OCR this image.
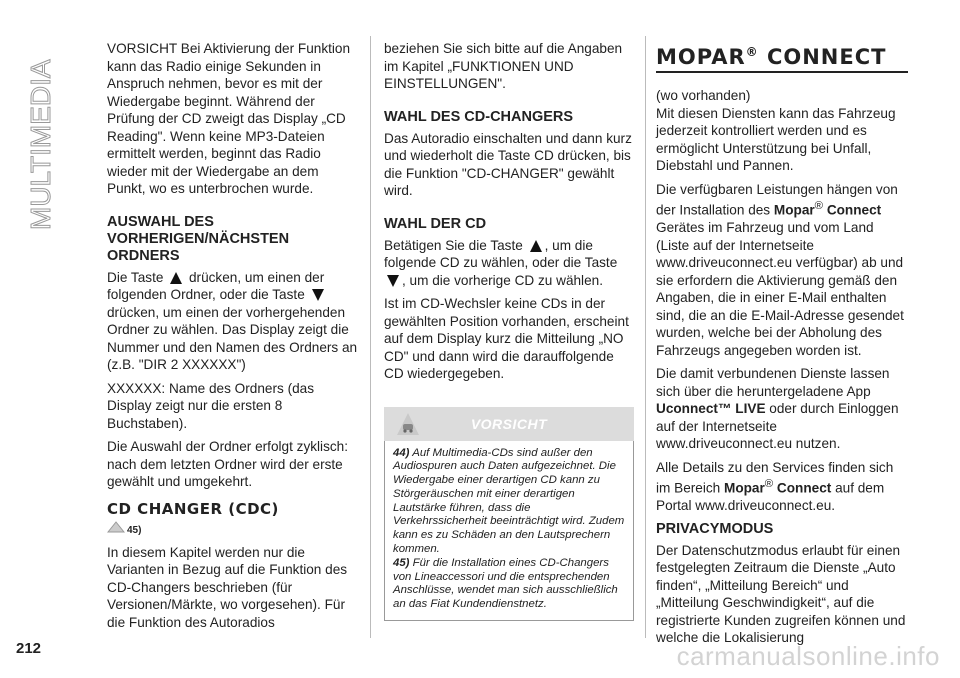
MULTIMEDIA
212

VORSICHT Bei Aktivierung der Funktion kann das Radio einige Sekunden in Anspruch nehmen, bevor es mit der Wiedergabe beginnt. Während der Prüfung der CD zweigt das Display „CD Reading". Wenn keine MP3-Dateien ermittelt werden, beginnt das Radio wieder mit der Wiedergabe an dem Punkt, wo es unterbrochen wurde.

AUSWAHL DES VORHERIGEN/NÄCHSTEN ORDNERS

Die Taste drücken, um einen der folgenden Ordner, oder die Taste  drücken, um einen der vorhergehenden Ordner zu wählen. Das Display zeigt die Nummer und den Namen des Ordners an (z.B. "DIR 2 XXXXXX")

XXXXXX: Name des Ordners (das Display zeigt nur die ersten 8 Buchstaben).

Die Auswahl der Ordner erfolgt zyklisch: nach dem letzten Ordner wird der erste gewählt und umgekehrt.

CD CHANGER (CDC)
45)

In diesem Kapitel werden nur die Varianten in Bezug auf die Funktion des CD-Changers beschrieben (für Versionen/Märkte, wo vorgesehen). Für die Funktion des Autoradios

beziehen Sie sich bitte auf die Angaben im Kapitel „FUNKTIONEN UND EINSTELLUNGEN".

WAHL DES CD-CHANGERS

Das Autoradio einschalten und dann kurz und wiederholt die Taste CD drücken, bis die Funktion "CD-CHANGER" gewählt wird.

WAHL DER CD

Betätigen Sie die Taste , um die folgende CD zu wählen, oder die Taste , um die vorherige CD zu wählen.

Ist im CD-Wechsler keine CDs in der gewählten Position vorhanden, erscheint auf dem Display kurz die Mitteilung „NO CD" und dann wird die darauffolgende CD wiedergegeben.

VORSICHT

44) Auf Multimedia-CDs sind außer den Audiospuren auch Daten aufgezeichnet. Die Wiedergabe einer derartigen CD kann zu Störgeräuschen mit einer derartigen Lautstärke führen, dass die Verkehrssicherheit beeinträchtigt wird. Zudem kann es zu Schäden an den Lautsprechern kommen.

45) Für die Installation eines CD-Changers von Lineaccessori und die entsprechenden Anschlüsse, wendet man sich ausschließlich an das Fiat Kundendienstnetz.

MOPAR® CONNECT

(wo vorhanden)

Mit diesen Diensten kann das Fahrzeug jederzeit kontrolliert werden und es ermöglicht Unterstützung bei Unfall, Diebstahl und Pannen.

Die verfügbaren Leistungen hängen von der Installation des Mopar® Connect Gerätes im Fahrzeug und vom Land (Liste auf der Internetseite www.driveuconnect.eu verfügbar) ab und sie erfordern die Aktivierung gemäß den Angaben, die in einer E-Mail enthalten sind, die an die E-Mail-Adresse gesendet wurden, welche bei der Abholung des Fahrzeugs angegeben worden ist.

Die damit verbundenen Dienste lassen sich über die heruntergeladene App Uconnect™ LIVE oder durch Einloggen auf der Internetseite www.driveuconnect.eu nutzen.

Alle Details zu den Services finden sich im Bereich Mopar® Connect auf dem Portal www.driveuconnect.eu.

PRIVACYMODUS

Der Datenschutzmodus erlaubt für einen festgelegten Zeitraum die Dienste „Auto finden“, „Mitteilung Bereich“ und „Mitteilung Geschwindigkeit“, auf die registrierte Kunden zugreifen können und welche die Lokalisierung

carmanualsonline.info
